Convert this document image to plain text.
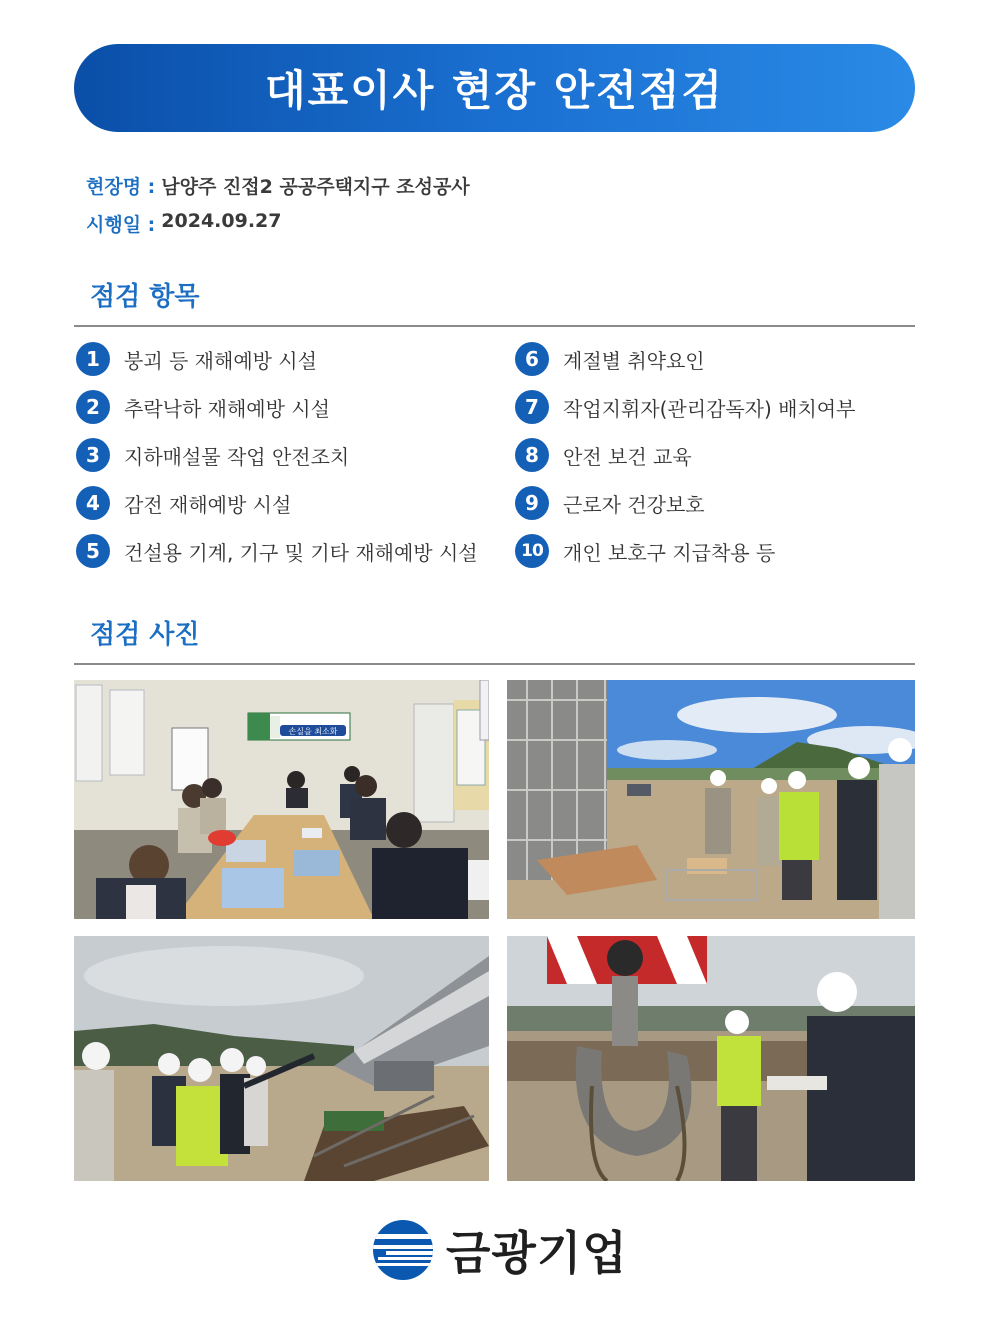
대표이사 현장 안전점검
현장명 : 남양주 진접2 공공주택지구 조성공사
시행일 : 2024.09.27
점검 항목
1	붕괴 등 재해예방 시설
2	추락낙하 재해예방 시설
3	지하매설물 작업 안전조치
4	감전 재해예방 시설
5	건설용 기계, 기구 및 기타 재해예방 시설
6	계절별 취약요인
7	작업지휘자(관리감독자) 배치여부
8	안전 보건 교육
9	근로자 건강보호
10	개인 보호구 지급착용 등
점검 사진
손실을 최소화
금광기업
